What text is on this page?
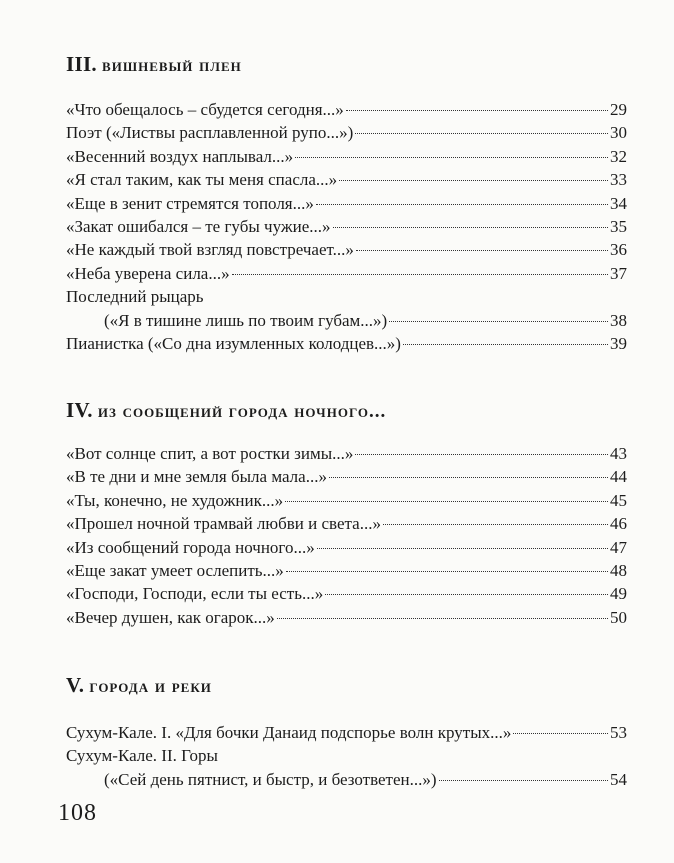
III. вишневый плен
«Что обещалось – сбудется сегодня...»	29
Поэт («Листвы расплавленной рупо...»)	30
«Весенний воздух наплывал...»	32
«Я стал таким, как ты меня спасла...»	33
«Еще в зенит стремятся тополя...»	34
«Закат ошибался – те губы чужие...»	35
«Не каждый твой взгляд повстречает...»	36
«Неба уверена сила...»	37
Последний рыцарь
(«Я в тишине лишь по твоим губам...»)	38
Пианистка («Со дна изумленных колодцев...»)	39
IV. из сообщений города ночного...
«Вот солнце спит, а вот ростки зимы...»	43
«В те дни и мне земля была мала...»	44
«Ты, конечно, не художник...»	45
«Прошел ночной трамвай любви и света...»	46
«Из сообщений города ночного...»	47
«Еще закат умеет ослепить...»	48
«Господи, Господи, если ты есть...»	49
«Вечер душен, как огарок...»	50
V. города и реки
Сухум-Кале. I. «Для бочки Данаид подспорье волн крутых...»	53
Сухум-Кале. II. Горы
(«Сей день пятнист, и быстр, и безответен...»)	54
108
